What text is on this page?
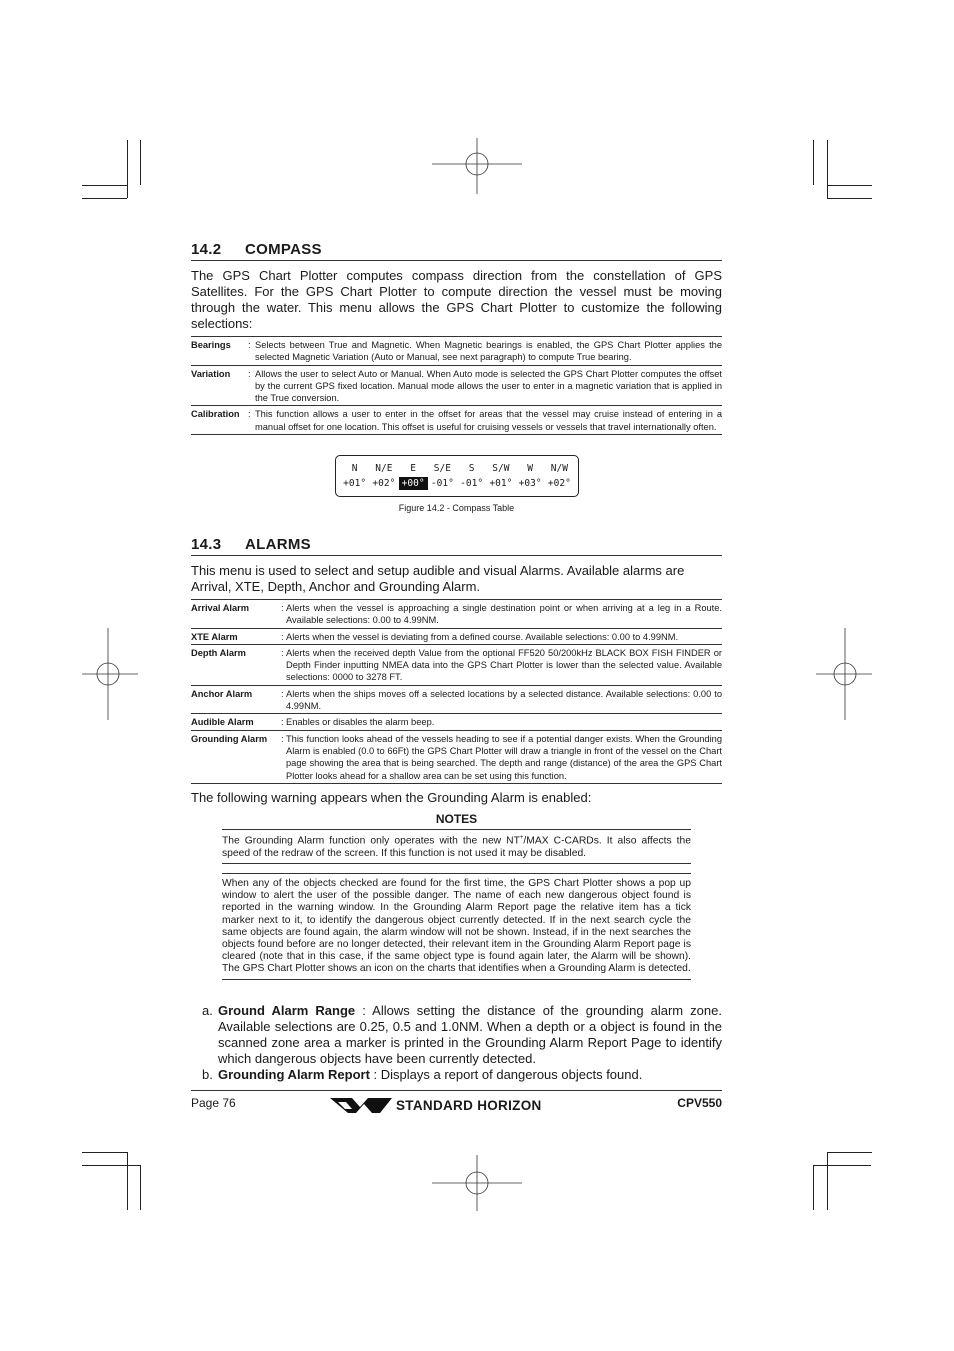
14.2 COMPASS
The GPS Chart Plotter computes compass direction from the constellation of GPS Satellites. For the GPS Chart Plotter to compute direction the vessel must be moving through the water. This menu allows the GPS Chart Plotter to customize the following selections:
Bearings	: Selects between True and Magnetic. When Magnetic bearings is enabled, the GPS Chart Plotter applies the selected Magnetic Variation (Auto or Manual, see next paragraph) to compute True bearing.
Variation	: Allows the user to select Auto or Manual. When Auto mode is selected the GPS Chart Plotter computes the offset by the current GPS fixed location. Manual mode allows the user to enter in a magnetic variation that is applied in the True conversion.
Calibration : This function allows a user to enter in the offset for areas that the vessel may cruise instead of entering in a manual offset for one location. This offset is useful for cruising vessels or vessels that travel internationally often.
N	N/E	E	S/E	S	S/W	W	N/W
+01° +02° +00° -01° -01° +01° +03° +02°
Figure 14.2 - Compass Table
14.3 ALARMS
This menu is used to select and setup audible and visual Alarms. Available alarms are Arrival, XTE, Depth, Anchor and Grounding Alarm.
Arrival Alarm	: Alerts when the vessel is approaching a single destination point or when arriving at a leg in a Route. Available selections: 0.00 to 4.99NM.
XTE Alarm	: Alerts when the vessel is deviating from a defined course. Available selections: 0.00 to 4.99NM.
Depth Alarm	: Alerts when the received depth Value from the optional FF520 50/200kHz BLACK BOX FISH FINDER or Depth Finder inputting NMEA data into the GPS Chart Plotter is lower than the selected value. Available selections: 0000 to 3278 FT.
Anchor Alarm	: Alerts when the ships moves off a selected locations by a selected distance. Available selections: 0.00 to 4.99NM.
Audible Alarm	: Enables or disables the alarm beep.
Grounding Alarm	: This function looks ahead of the vessels heading to see if a potential danger exists. When the Grounding Alarm is enabled (0.0 to 66Ft) the GPS Chart Plotter will draw a triangle in front of the vessel on the Chart page showing the area that is being searched. The depth and range (distance) of the area the GPS Chart Plotter looks ahead for a shallow area can be set using this function.
The following warning appears when the Grounding Alarm is enabled:
NOTES
The Grounding Alarm function only operates with the new NT+/MAX C-CARDs. It also affects the speed of the redraw of the screen. If this function is not used it may be disabled.
When any of the objects checked are found for the first time, the GPS Chart Plotter shows a pop up window to alert the user of the possible danger. The name of each new dangerous object found is reported in the warning window. In the Grounding Alarm Report page the relative item has a tick marker next to it, to identify the dangerous object currently detected. If in the next search cycle the same objects are found again, the alarm window will not be shown. Instead, if in the next searches the objects found before are no longer detected, their relevant item in the Grounding Alarm Report page is cleared (note that in this case, if the same object type is found again later, the Alarm will be shown). The GPS Chart Plotter shows an icon on the charts that identifies when a Grounding Alarm is detected.
a. Ground Alarm Range : Allows setting the distance of the grounding alarm zone. Available selections are 0.25, 0.5 and 1.0NM. When a depth or a object is found in the scanned zone area a marker is printed in the Grounding Alarm Report Page to identify which dangerous objects have been currently detected.
b. Grounding Alarm Report : Displays a report of dangerous objects found.
Page 76	STANDARD HORIZON	CPV550
